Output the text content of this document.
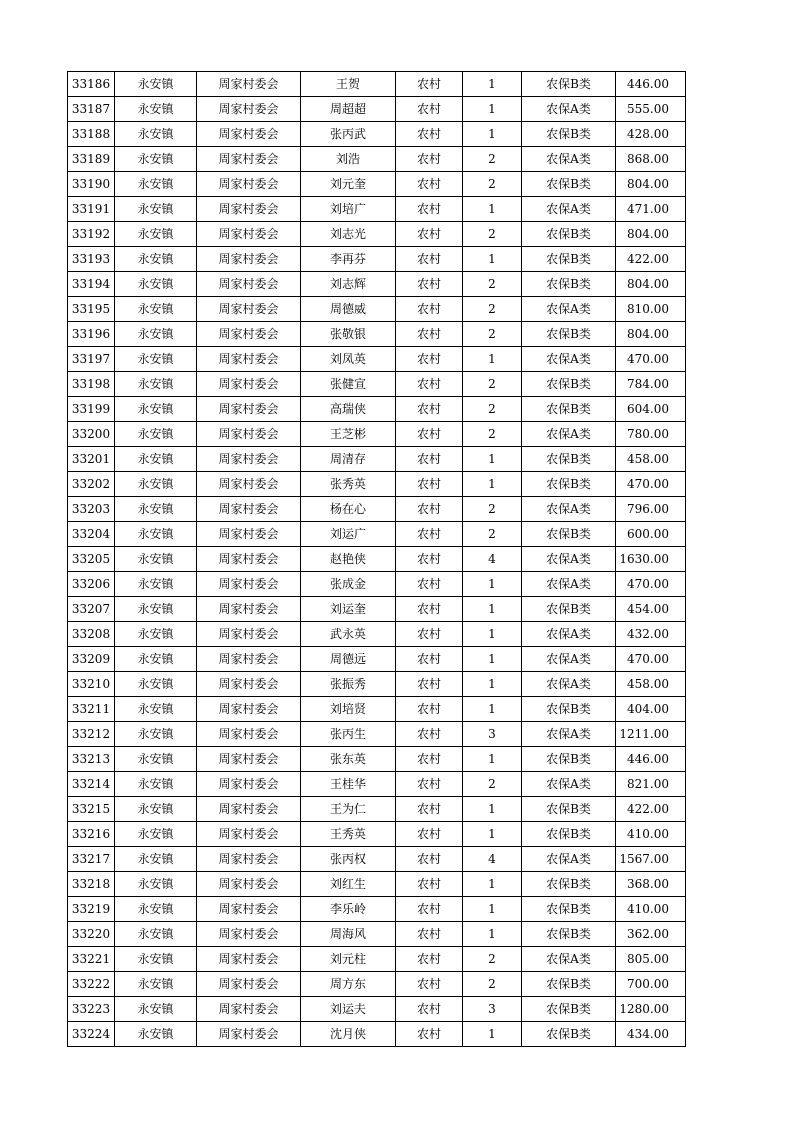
33186	永安镇	周家村委会	王贺	农村	1	农保B类	446.00
33187	永安镇	周家村委会	周超超	农村	1	农保A类	555.00
33188	永安镇	周家村委会	张丙武	农村	1	农保B类	428.00
33189	永安镇	周家村委会	刘浩	农村	2	农保A类	868.00
33190	永安镇	周家村委会	刘元奎	农村	2	农保B类	804.00
33191	永安镇	周家村委会	刘培广	农村	1	农保A类	471.00
33192	永安镇	周家村委会	刘志光	农村	2	农保B类	804.00
33193	永安镇	周家村委会	李再芬	农村	1	农保B类	422.00
33194	永安镇	周家村委会	刘志辉	农村	2	农保B类	804.00
33195	永安镇	周家村委会	周德威	农村	2	农保A类	810.00
33196	永安镇	周家村委会	张敬银	农村	2	农保B类	804.00
33197	永安镇	周家村委会	刘凤英	农村	1	农保A类	470.00
33198	永安镇	周家村委会	张健宣	农村	2	农保B类	784.00
33199	永安镇	周家村委会	高瑞侠	农村	2	农保B类	604.00
33200	永安镇	周家村委会	王芝彬	农村	2	农保A类	780.00
33201	永安镇	周家村委会	周清存	农村	1	农保B类	458.00
33202	永安镇	周家村委会	张秀英	农村	1	农保B类	470.00
33203	永安镇	周家村委会	杨在心	农村	2	农保A类	796.00
33204	永安镇	周家村委会	刘运广	农村	2	农保B类	600.00
33205	永安镇	周家村委会	赵艳侠	农村	4	农保A类	1630.00
33206	永安镇	周家村委会	张成金	农村	1	农保A类	470.00
33207	永安镇	周家村委会	刘运奎	农村	1	农保B类	454.00
33208	永安镇	周家村委会	武永英	农村	1	农保A类	432.00
33209	永安镇	周家村委会	周德远	农村	1	农保A类	470.00
33210	永安镇	周家村委会	张振秀	农村	1	农保A类	458.00
33211	永安镇	周家村委会	刘培贤	农村	1	农保B类	404.00
33212	永安镇	周家村委会	张丙生	农村	3	农保A类	1211.00
33213	永安镇	周家村委会	张东英	农村	1	农保B类	446.00
33214	永安镇	周家村委会	王桂华	农村	2	农保A类	821.00
33215	永安镇	周家村委会	王为仁	农村	1	农保B类	422.00
33216	永安镇	周家村委会	王秀英	农村	1	农保B类	410.00
33217	永安镇	周家村委会	张丙权	农村	4	农保A类	1567.00
33218	永安镇	周家村委会	刘红生	农村	1	农保B类	368.00
33219	永安镇	周家村委会	李乐岭	农村	1	农保B类	410.00
33220	永安镇	周家村委会	周海风	农村	1	农保B类	362.00
33221	永安镇	周家村委会	刘元柱	农村	2	农保A类	805.00
33222	永安镇	周家村委会	周方东	农村	2	农保B类	700.00
33223	永安镇	周家村委会	刘运夫	农村	3	农保B类	1280.00
33224	永安镇	周家村委会	沈月侠	农村	1	农保B类	434.00
